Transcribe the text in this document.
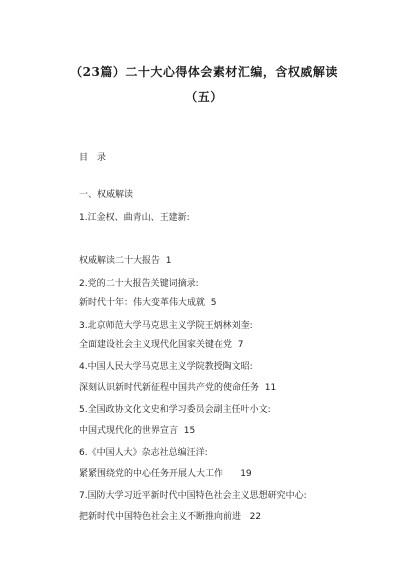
（23篇）二十大心得体会素材汇编，含权威解读
（五）
目　录
一、权威解读
1.江金权、曲青山、王建新:
权威解读二十大报告 1
2.党的二十大报告关键词摘录:
新时代十年：伟大变革伟大成就 5
3.北京师范大学马克思主义学院王炳林刘奎:
全面建设社会主义现代化国家关键在党 7
4.中国人民大学马克思主义学院教授陶文昭:
深刻认识新时代新征程中国共产党的使命任务 11
5.全国政协文化文史和学习委员会副主任叶小文:
中国式现代化的世界宣言 15
6.《中国人大》杂志社总编汪洋:
紧紧围绕党的中心任务开展人大工作 19
7.国防大学习近平新时代中国特色社会主义思想研究中心:
把新时代中国特色社会主义不断推向前进 22
